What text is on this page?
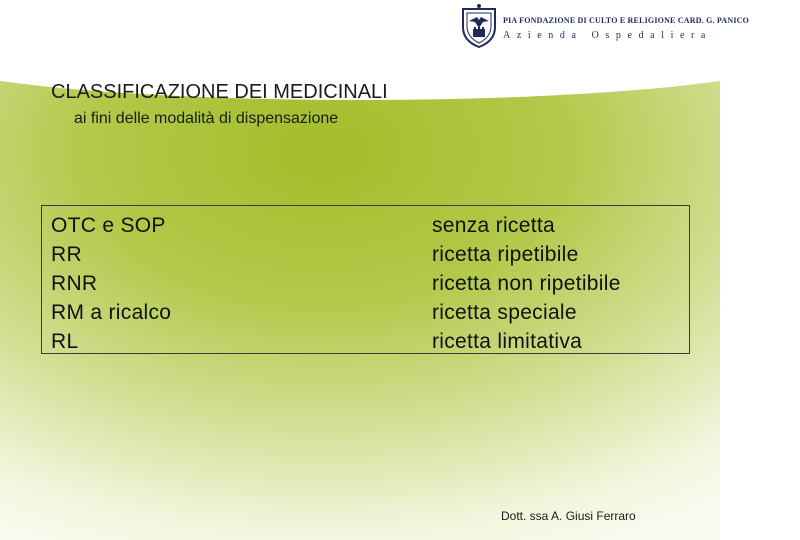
PIA FONDAZIONE DI CULTO E RELIGIONE CARD. G. PANICO
Azienda Ospedaliera
CLASSIFICAZIONE DEI MEDICINALI
ai fini delle modalità di dispensazione
OTC e SOP
RR
RNR
RM a ricalco
RL
senza ricetta
ricetta ripetibile
ricetta non ripetibile
ricetta speciale
ricetta limitativa
Dott. ssa A. Giusi Ferraro
